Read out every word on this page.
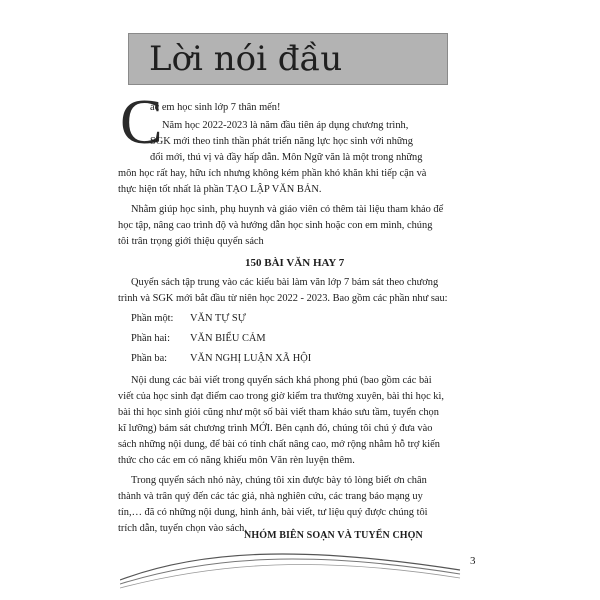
Lời nói đầu
C
ác em học sinh lớp 7 thân mến!
Năm học 2022-2023 là năm đầu tiên áp dụng chương trình,
SGK mới theo tinh thần phát triển năng lực học sinh với những
đổi mới, thú vị và đầy hấp dẫn. Môn Ngữ văn là một trong những
môn học rất hay, hữu ích nhưng không kém phần khó khăn khi tiếp cận và
thực hiện tốt nhất là phần TẠO LẬP VĂN BẢN.
Nhằm giúp học sinh, phụ huynh và giáo viên có thêm tài liệu tham khảo để
học tập, nâng cao trình độ và hướng dẫn học sinh hoặc con em mình, chúng
tôi trân trọng giới thiệu quyển sách
150 BÀI VĂN HAY 7
Quyển sách tập trung vào các kiểu bài làm văn lớp 7 bám sát theo chương
trình và SGK mới bắt đầu từ niên học 2022 - 2023. Bao gồm các phần như sau:
Phần một: VĂN TỰ SỰ
Phần hai: VĂN BIỂU CẢM
Phần ba: VĂN NGHỊ LUẬN XÃ HỘI
Nội dung các bài viết trong quyển sách khá phong phú (bao gồm các bài
viết của học sinh đạt điểm cao trong giờ kiểm tra thường xuyên, bài thi học kì,
bài thi học sinh giỏi cũng như một số bài viết tham khảo sưu tầm, tuyển chọn
kĩ lưỡng) bám sát chương trình MỚI. Bên cạnh đó, chúng tôi chú ý đưa vào
sách những nội dung, để bài có tính chất nâng cao, mở rộng nhằm hỗ trợ kiến
thức cho các em có năng khiếu môn Văn rèn luyện thêm.
Trong quyển sách nhỏ này, chúng tôi xin được bày tỏ lòng biết ơn chân
thành và trân quý đến các tác giả, nhà nghiên cứu, các trang báo mạng uy
tín,… đã có những nội dung, hình ảnh, bài viết, tư liệu quý được chúng tôi
trích dẫn, tuyển chọn vào sách.
NHÓM BIÊN SOẠN VÀ TUYỂN CHỌN
3
